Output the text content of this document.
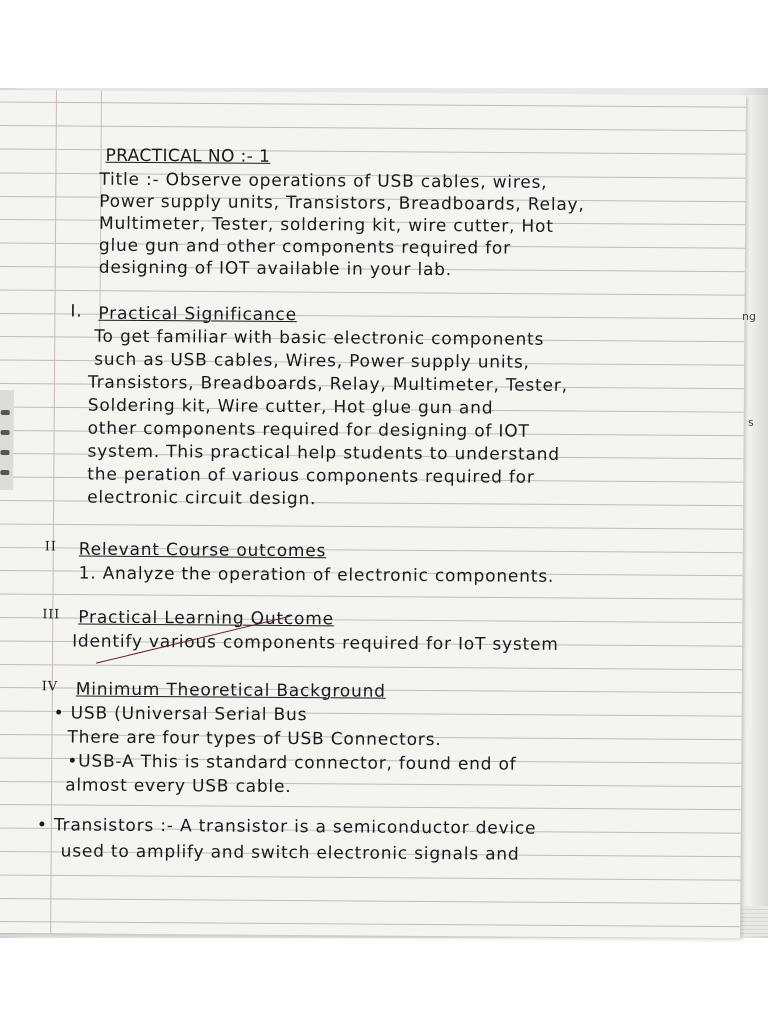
PRACTICAL NO :- 1
Title :- Observe operations of USB cables, wires,
Power supply units, Transistors, Breadboards, Relay,
Multimeter, Tester, soldering kit, wire cutter, Hot
glue gun and other components required for
designing of IOT available in your lab.
I. Practical Significance
To get familiar with basic electronic components
such as USB cables, Wires, Power supply units,
Transistors, Breadboards, Relay, Multimeter, Tester,
Soldering kit, Wire cutter, Hot glue gun and
other components required for designing of IOT
system. This practical help students to understand
the peration of various components required for
electronic circuit design.
II Relevant Course outcomes
1. Analyze the operation of electronic components.
III Practical Learning Outcome
Identify various components required for IoT system
IV Minimum Theoretical Background
• USB (Universal Serial Bus
There are four types of USB Connectors.
•USB-A This is standard connector, found end of
almost every USB cable.
• Transistors :- A transistor is a semiconductor device
used to amplify and switch electronic signals and
ng
s
